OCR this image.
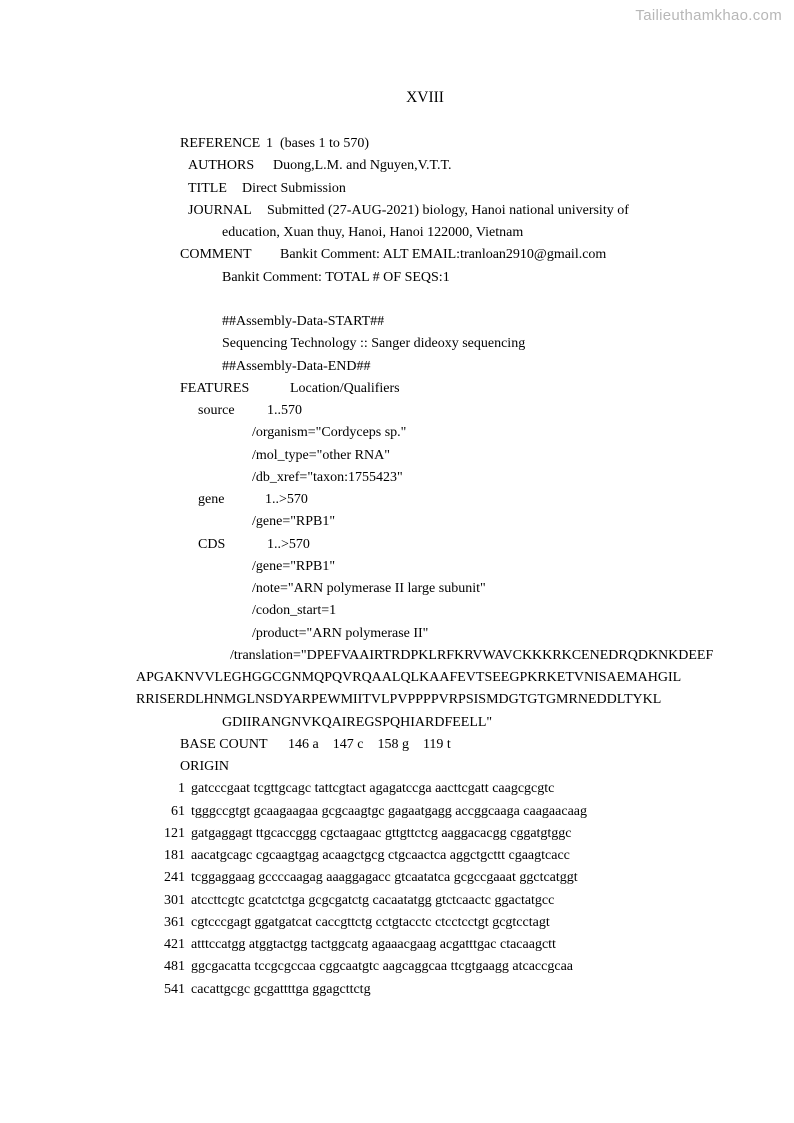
Tailieuthamkhao.com
XVIII
REFERENCE 1  (bases 1 to 570)
AUTHORS Duong,L.M. and Nguyen,V.T.T.
TITLE Direct Submission
JOURNAL Submitted (27-AUG-2021) biology, Hanoi national university of
education, Xuan thuy, Hanoi, Hanoi 122000, Vietnam
COMMENT Bankit Comment: ALT EMAIL:tranloan2910@gmail.com
Bankit Comment: TOTAL # OF SEQS:1
##Assembly-Data-START##
Sequencing Technology :: Sanger dideoxy sequencing
##Assembly-Data-END##
FEATURES	Location/Qualifiers
source 1..570
/organism="Cordyceps sp."
/mol_type="other RNA"
/db_xref="taxon:1755423"
gene	1..>570
/gene="RPB1"
CDS	1..>570
/gene="RPB1"
/note="ARN polymerase II large subunit"
/codon_start=1
/product="ARN polymerase II"
/translation="DPEFVAAIRTRDPKLRFKRVWAVCKKKRKCENEDRQDKNKDEEF
APGAKNVVLEGHGGCGNMQPQVRQAALQLKAAFEVTSEEGPKRKETVNISAEMAHGIL
RRISERDLHNMGLNSDYARPEWMIITVLPVPPPPVRPSISMDGTGTGMRNEDDLTYKL
GDIIRANGNVKQAIREGSPQHIARDFEELL"
BASE COUNT 146 a 147 c 158 g 119 t
ORIGIN
1 gatcccgaat tcgttgcagc tattcgtact agagatccga aacttcgatt caagcgcgtc
61 tgggccgtgt gcaagaagaa gcgcaagtgc gagaatgagg accggcaaga caagaacaag
121 gatgaggagt ttgcaccggg cgctaagaac gttgttctcg aaggacacgg cggatgtggc
181 aacatgcagc cgcaagtgag acaagctgcg ctgcaactca aggctgcttt cgaagtcacc
241 tcggaggaag gccccaagag aaaggagacc gtcaatatca gcgccgaaat ggctcatggt
301 atccttcgtc gcatctctga gcgcgatctg cacaatatgg gtctcaactc ggactatgcc
361 cgtcccgagt ggatgatcat caccgttctg cctgtacctc ctcctcctgt gcgtcctagt
421 atttccatgg atggtactgg tactggcatg agaaacgaag acgatttgac ctacaagctt
481 ggcgacatta tccgcgccaa cggcaatgtc aagcaggcaa ttcgtgaagg atcaccgcaa
541 cacattgcgc gcgattttga ggagcttctg
